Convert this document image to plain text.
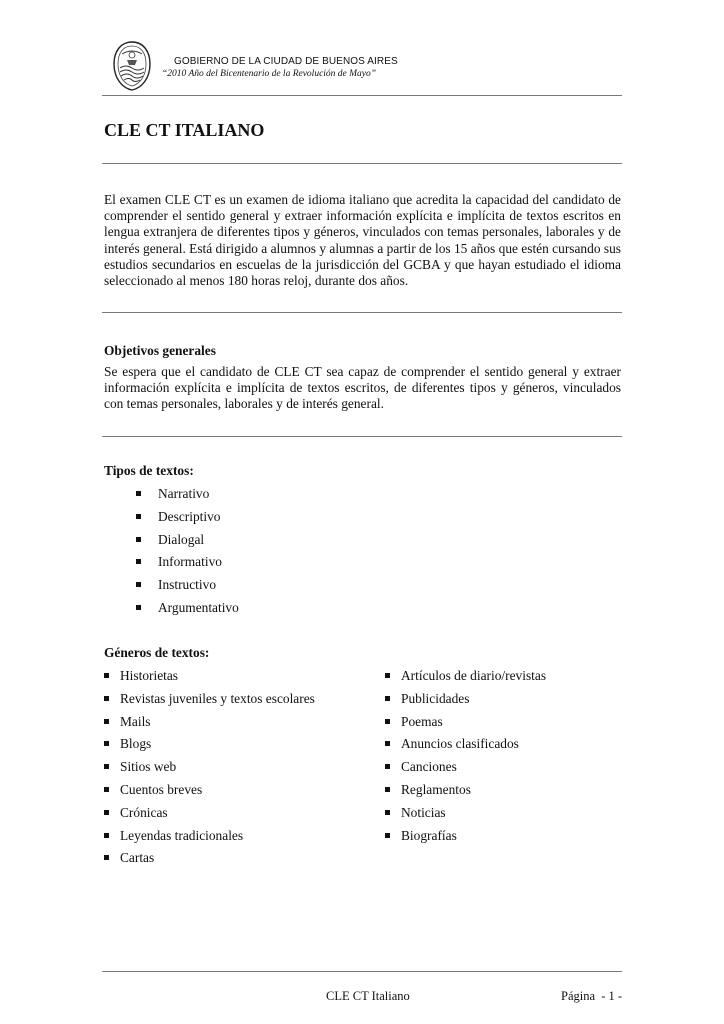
GOBIERNO DE LA CIUDAD DE BUENOS AIRES
“2010 Año del Bicentenario de la Revolución de Mayo”
CLE CT ITALIANO
El examen CLE CT es un examen de idioma italiano que acredita la capacidad del candidato de comprender el sentido general y extraer información explícita e implícita de textos escritos en lengua extranjera de diferentes tipos y géneros, vinculados con temas personales, laborales y de interés general. Está dirigido a alumnos y alumnas a partir de los 15 años que estén cursando sus estudios secundarios en escuelas de la jurisdicción del GCBA y que hayan estudiado el idioma seleccionado al menos 180 horas reloj, durante dos años.
Objetivos generales
Se espera que el candidato de CLE CT sea capaz de comprender el sentido general y extraer información explícita e implícita de textos escritos, de diferentes tipos y géneros, vinculados con temas personales, laborales y de interés general.
Tipos de textos:
Narrativo
Descriptivo
Dialogal
Informativo
Instructivo
Argumentativo
Géneros de textos:
Historietas
Revistas juveniles y textos escolares
Mails
Blogs
Sitios web
Cuentos breves
Crónicas
Leyendas tradicionales
Cartas
Artículos de diario/revistas
Publicidades
Poemas
Anuncios clasificados
Canciones
Reglamentos
Noticias
Biografías
CLE CT Italiano	Página  - 1 -
